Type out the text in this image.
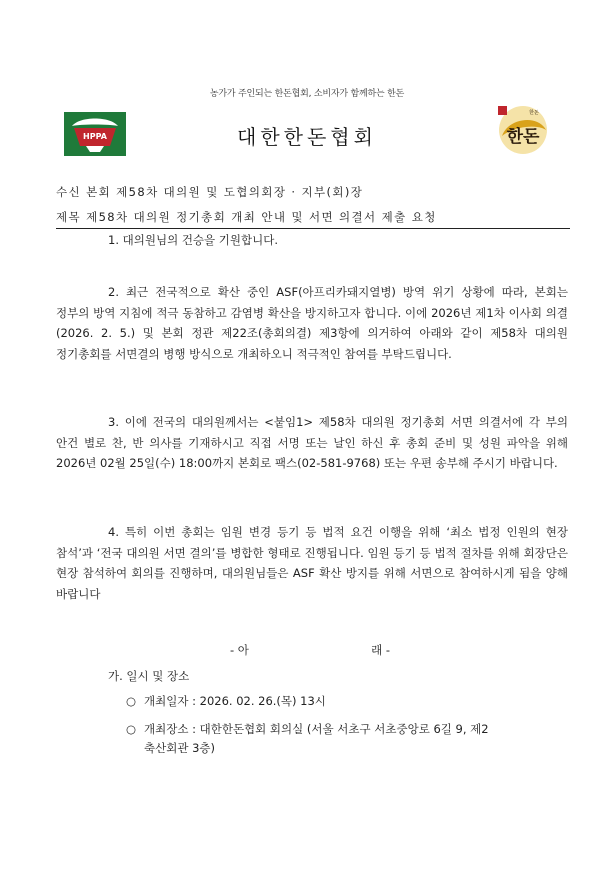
농가가 주인되는 한돈협회, 소비자가 함께하는 한돈
HPPA	대한한돈협회	한돈
한돈
수신 본회 제58차 대의원 및 도협의회장 · 지부(회)장
제목 제58차 대의원 정기총회 개최 안내 및 서면 의결서 제출 요청
1. 대의원님의 건승을 기원합니다.
2. 최근 전국적으로 확산 중인 ASF(아프리카돼지열병) 방역 위기 상황에 따라, 본회는 정부의 방역 지침에 적극 동참하고 감염병 확산을 방지하고자 합니다. 이에 2026년 제1차 이사회 의결(2026. 2. 5.) 및 본회 정관 제22조(총회의결) 제3항에 의거하여 아래와 같이 제58차 대의원 정기총회를 서면결의 병행 방식으로 개최하오니 적극적인 참여를 부탁드립니다.
3. 이에 전국의 대의원께서는 <붙임1> 제58차 대의원 정기총회 서면 의결서에 각 부의 안건 별로 찬, 반 의사를 기재하시고 직접 서명 또는 날인 하신 후 총회 준비 및 성원 파악을 위해 2026년 02월 25일(수) 18:00까지 본회로 팩스(02-581-9768) 또는 우편 송부해 주시기 바랍니다.
4. 특히 이번 총회는 임원 변경 등기 등 법적 요건 이행을 위해 ‘최소 법정 인원의 현장 참석’과 ‘전국 대의원 서면 결의’를 병합한 형태로 진행됩니다. 임원 등기 등 법적 절차를 위해 회장단은 현장 참석하여 회의를 진행하며, 대의원님들은 ASF 확산 방지를 위해 서면으로 참여하시게 됨을 양해 바랍니다
- 아	래 -
가. 일시 및 장소
○ 개최일자 : 2026. 02. 26.(목) 13시
○ 개최장소 : 대한한돈협회 회의실 (서울 서초구 서초중앙로 6길 9, 제2
축산회관 3층)
